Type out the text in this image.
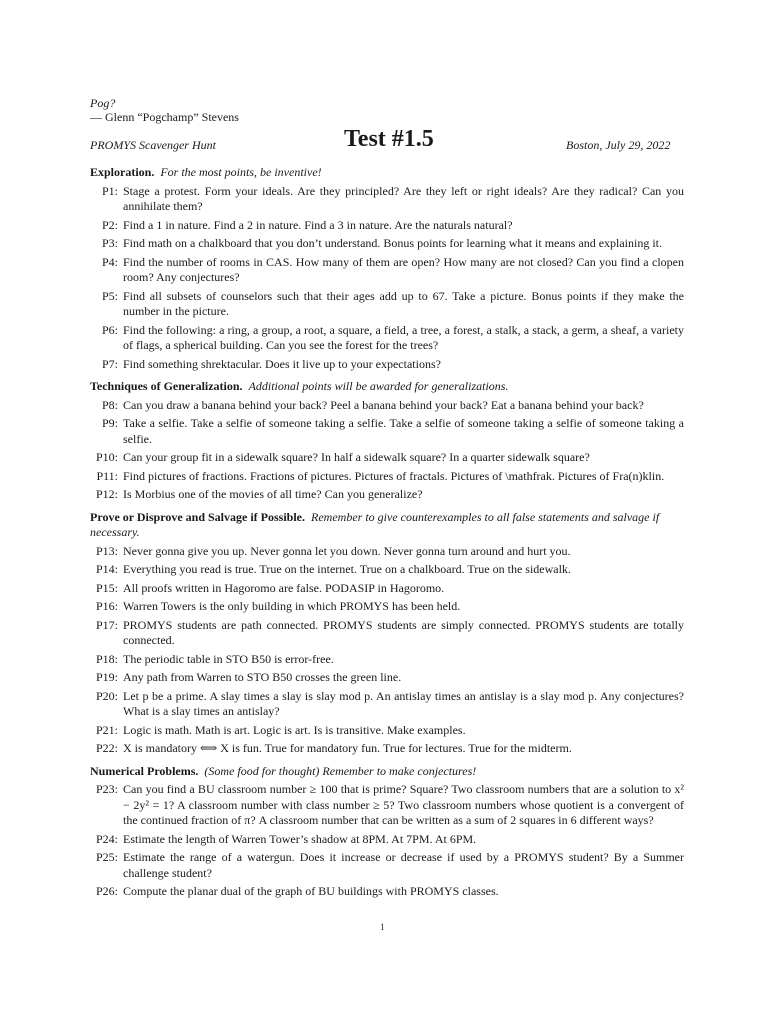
Pog?
— Glenn “Pogchamp” Stevens
PROMYS Scavenger Hunt	Test #1.5	Boston, July 29, 2022
Exploration. For the most points, be inventive!
P1: Stage a protest. Form your ideals. Are they principled? Are they left or right ideals? Are they radical? Can you annihilate them?
P2: Find a 1 in nature. Find a 2 in nature. Find a 3 in nature. Are the naturals natural?
P3: Find math on a chalkboard that you don’t understand. Bonus points for learning what it means and explaining it.
P4: Find the number of rooms in CAS. How many of them are open? How many are not closed? Can you find a clopen room? Any conjectures?
P5: Find all subsets of counselors such that their ages add up to 67. Take a picture. Bonus points if they make the number in the picture.
P6: Find the following: a ring, a group, a root, a square, a field, a tree, a forest, a stalk, a stack, a germ, a sheaf, a variety of flags, a spherical building. Can you see the forest for the trees?
P7: Find something shrektacular. Does it live up to your expectations?
Techniques of Generalization. Additional points will be awarded for generalizations.
P8: Can you draw a banana behind your back? Peel a banana behind your back? Eat a banana behind your back?
P9: Take a selfie. Take a selfie of someone taking a selfie. Take a selfie of someone taking a selfie of someone taking a selfie.
P10: Can your group fit in a sidewalk square? In half a sidewalk square? In a quarter sidewalk square?
P11: Find pictures of fractions. Fractions of pictures. Pictures of fractals. Pictures of \mathfrak. Pictures of Fra(n)klin.
P12: Is Morbius one of the movies of all time? Can you generalize?
Prove or Disprove and Salvage if Possible. Remember to give counterexamples to all false statements and salvage if necessary.
P13: Never gonna give you up. Never gonna let you down. Never gonna turn around and hurt you.
P14: Everything you read is true. True on the internet. True on a chalkboard. True on the sidewalk.
P15: All proofs written in Hagoromo are false. PODASIP in Hagoromo.
P16: Warren Towers is the only building in which PROMYS has been held.
P17: PROMYS students are path connected. PROMYS students are simply connected. PROMYS students are totally connected.
P18: The periodic table in STO B50 is error-free.
P19: Any path from Warren to STO B50 crosses the green line.
P20: Let p be a prime. A slay times a slay is slay mod p. An antislay times an antislay is a slay mod p. Any conjectures? What is a slay times an antislay?
P21: Logic is math. Math is art. Logic is art. Is is transitive. Make examples.
P22: X is mandatory ⟺ X is fun. True for mandatory fun. True for lectures. True for the midterm.
Numerical Problems. (Some food for thought) Remember to make conjectures!
P23: Can you find a BU classroom number ≥ 100 that is prime? Square? Two classroom numbers that are a solution to x² − 2y² = 1? A classroom number with class number ≥ 5? Two classroom numbers whose quotient is a convergent of the continued fraction of π? A classroom number that can be written as a sum of 2 squares in 6 different ways?
P24: Estimate the length of Warren Tower’s shadow at 8PM. At 7PM. At 6PM.
P25: Estimate the range of a watergun. Does it increase or decrease if used by a PROMYS student? By a Summer challenge student?
P26: Compute the planar dual of the graph of BU buildings with PROMYS classes.
1
